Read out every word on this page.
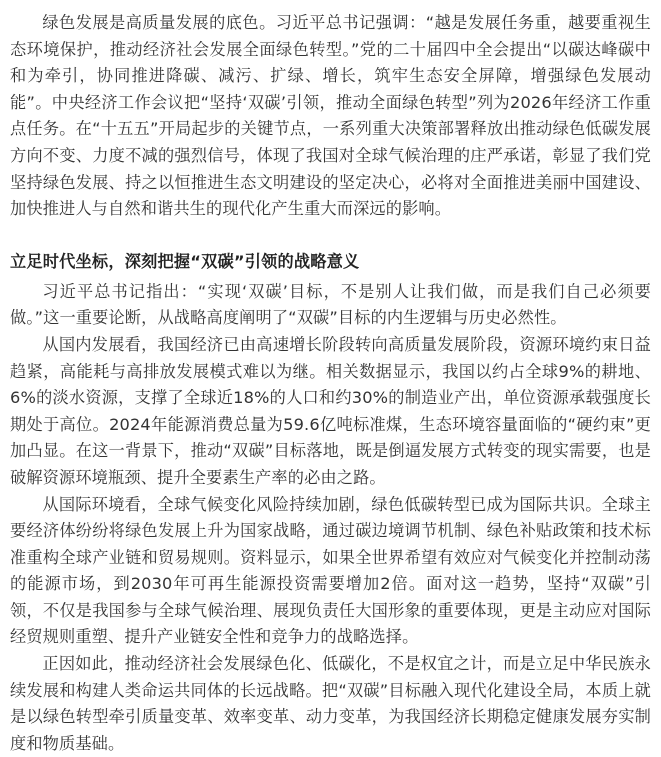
绿色发展是高质量发展的底色。习近平总书记强调：“越是发展任务重，越要重视生态环境保护，推动经济社会发展全面绿色转型。”党的二十届四中全会提出“以碳达峰碳中和为牵引，协同推进降碳、减污、扩绿、增长，筑牢生态安全屏障，增强绿色发展动能”。中央经济工作会议把“坚持‘双碳’引领，推动全面绿色转型”列为2026年经济工作重点任务。在“十五五”开局起步的关键节点，一系列重大决策部署释放出推动绿色低碳发展方向不变、力度不减的强烈信号，体现了我国对全球气候治理的庄严承诺，彰显了我们党坚持绿色发展、持之以恒推进生态文明建设的坚定决心，必将对全面推进美丽中国建设、加快推进人与自然和谐共生的现代化产生重大而深远的影响。

立足时代坐标，深刻把握“双碳”引领的战略意义

习近平总书记指出：“实现‘双碳’目标，不是别人让我们做，而是我们自己必须要做。”这一重要论断，从战略高度阐明了“双碳”目标的内生逻辑与历史必然性。

从国内发展看，我国经济已由高速增长阶段转向高质量发展阶段，资源环境约束日益趋紧，高能耗与高排放发展模式难以为继。相关数据显示，我国以约占全球9%的耕地、6%的淡水资源，支撑了全球近18%的人口和约30%的制造业产出，单位资源承载强度长期处于高位。2024年能源消费总量为59.6亿吨标准煤，生态环境容量面临的“硬约束”更加凸显。在这一背景下，推动“双碳”目标落地，既是倒逼发展方式转变的现实需要，也是破解资源环境瓶颈、提升全要素生产率的必由之路。

从国际环境看，全球气候变化风险持续加剧，绿色低碳转型已成为国际共识。全球主要经济体纷纷将绿色发展上升为国家战略，通过碳边境调节机制、绿色补贴政策和技术标准重构全球产业链和贸易规则。资料显示，如果全世界希望有效应对气候变化并控制动荡的能源市场，到2030年可再生能源投资需要增加2倍。面对这一趋势，坚持“双碳”引领，不仅是我国参与全球气候治理、展现负责任大国形象的重要体现，更是主动应对国际经贸规则重塑、提升产业链安全性和竞争力的战略选择。

正因如此，推动经济社会发展绿色化、低碳化，不是权宜之计，而是立足中华民族永续发展和构建人类命运共同体的长远战略。把“双碳”目标融入现代化建设全局，本质上就是以绿色转型牵引质量变革、效率变革、动力变革，为我国经济长期稳定健康发展夯实制度和物质基础。
